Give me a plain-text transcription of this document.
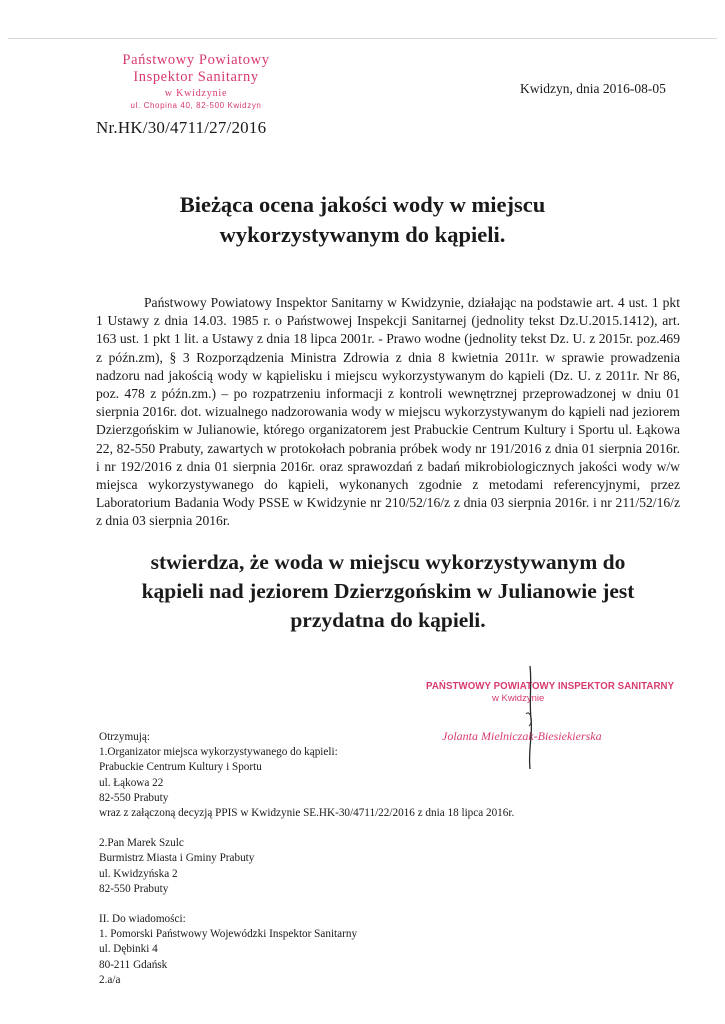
Państwowy Powiatowy
Inspektor Sanitarny
w Kwidzynie
ul. Chopina 40, 82-500 Kwidzyn
Kwidzyn, dnia 2016-08-05
Nr.HK/30/4711/27/2016
Bieżąca ocena jakości wody w miejscu
wykorzystywanym do kąpieli.
Państwowy Powiatowy Inspektor Sanitarny w Kwidzynie, działając na podstawie art. 4 ust. 1 pkt 1 Ustawy z dnia 14.03. 1985 r. o Państwowej Inspekcji Sanitarnej (jednolity tekst Dz.U.2015.1412), art. 163 ust. 1 pkt 1 lit. a Ustawy z dnia 18 lipca 2001r. - Prawo wodne (jednolity tekst Dz. U. z 2015r. poz.469 z późn.zm), § 3 Rozporządzenia Ministra Zdrowia z dnia 8 kwietnia 2011r. w sprawie prowadzenia nadzoru nad jakością wody w kąpielisku i miejscu wykorzystywanym do kąpieli (Dz. U. z 2011r. Nr 86, poz. 478 z późn.zm.) – po rozpatrzeniu informacji z kontroli wewnętrznej przeprowadzonej w dniu 01 sierpnia 2016r. dot. wizualnego nadzorowania wody w miejscu wykorzystywanym do kąpieli nad jeziorem Dzierzgońskim w Julianowie, którego organizatorem jest Prabuckie Centrum Kultury i Sportu ul. Łąkowa 22, 82-550 Prabuty, zawartych w protokołach pobrania próbek wody nr 191/2016 z dnia 01 sierpnia 2016r. i nr 192/2016 z dnia 01 sierpnia 2016r. oraz sprawozdań z badań mikrobiologicznych jakości wody w/w miejsca wykorzystywanego do kąpieli, wykonanych zgodnie z metodami referencyjnymi, przez Laboratorium Badania Wody PSSE w Kwidzynie nr 210/52/16/z z dnia 03 sierpnia 2016r. i nr 211/52/16/z z dnia 03 sierpnia 2016r.
stwierdza, że woda w miejscu wykorzystywanym do
kąpieli nad jeziorem Dzierzgońskim w Julianowie jest
przydatna do kąpieli.
PAŃSTWOWY POWIATOWY INSPEKTOR SANITARNY
w Kwidzynie
Jolanta Mielniczak-Biesiekierska
Otrzymują:
1.Organizator miejsca wykorzystywanego do kąpieli:
Prabuckie Centrum Kultury i Sportu
ul. Łąkowa 22
82-550 Prabuty
wraz z załączoną decyzją PPIS w Kwidzynie SE.HK-30/4711/22/2016 z dnia 18 lipca 2016r.
2.Pan Marek Szulc
Burmistrz Miasta i Gminy Prabuty
ul. Kwidzyńska 2
82-550 Prabuty
II. Do wiadomości:
1. Pomorski Państwowy Wojewódzki Inspektor Sanitarny
ul. Dębinki 4
80-211 Gdańsk
2.a/a
